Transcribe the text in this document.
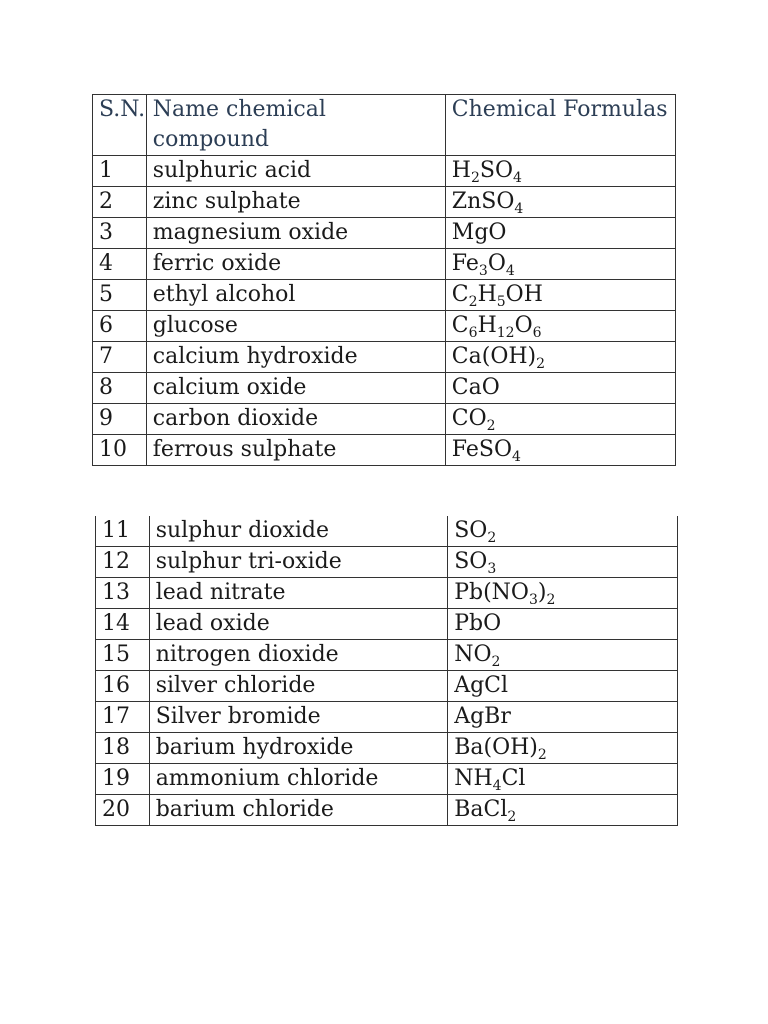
S.N.	Name chemical compound	Chemical Formulas
1	sulphuric acid	$H_2SO_4$
2	zinc sulphate	ZnSO$_4$
3	magnesium oxide	MgO
4	ferric oxide	$Fe_3O_4$
5	ethyl alcohol	$C_2H_5OH$
6	glucose	$C_6H_{12}O_6$
7	calcium hydroxide	$Ca(OH)_2$
8	calcium oxide	CaO
9	carbon dioxide	$CO_2$
10	ferrous sulphate	FeSO$_4$
11	sulphur dioxide	$SO_2$
12	sulphur tri-oxide	$SO_3$
13	lead nitrate	$Pb(NO_3)_2$
14	lead oxide	PbO
15	nitrogen dioxide	$NO_2$
16	silver chloride	AgCl
17	Silver bromide	AgBr
18	barium hydroxide	$Ba(OH)_2$
19	ammonium chloride	$NH_4Cl$
20	barium chloride	BaCl$_2$
